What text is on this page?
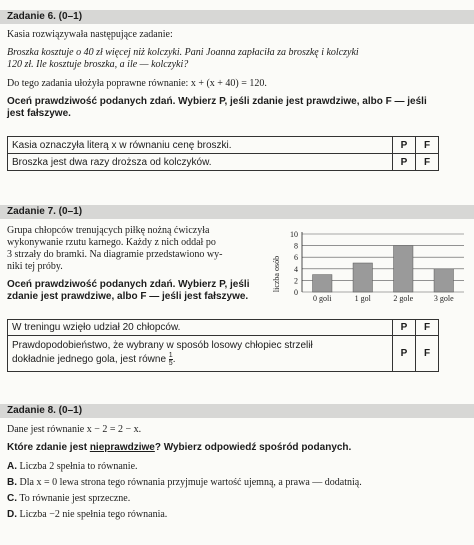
Zadanie 6. (0–1)
Kasia rozwiązywała następujące zadanie:
Broszka kosztuje o 40 zł więcej niż kolczyki. Pani Joanna zapłaciła za broszkę i kolczyki
120 zł. Ile kosztuje broszka, a ile — kolczyki?
Do tego zadania ułożyła poprawne równanie: x + (x + 40) = 120.
Oceń prawdziwość podanych zdań. Wybierz P, jeśli zdanie jest prawdziwe, albo F — jeśli
jest fałszywe.
Kasia oznaczyła literą x w równaniu cenę broszki.	P	F
Broszka jest dwa razy droższa od kolczyków.	P	F
Zadanie 7. (0–1)
Grupa chłopców trenujących piłkę nożną ćwiczyła
wykonywanie rzutu karnego. Każdy z nich oddał po
3 strzały do bramki. Na diagramie przedstawiono wy-
niki tej próby.
Oceń prawdziwość podanych zdań. Wybierz P, jeśli
zdanie jest prawdziwe, albo F — jeśli jest fałszywe.
liczba osób
0
2
4
6
8
10
0 goli	1 gol	2 gole	3 gole
W treningu wzięło udział 20 chłopców.	P	F
Prawdopodobieństwo, że wybrany w sposób losowy chłopiec strzelił
dokładnie jednego gola, jest równe $\frac{1}{5}$ .	P	F
Zadanie 8. (0–1)
Dane jest równanie x − 2 = 2 − x.
Które zdanie jest nieprawdziwe? Wybierz odpowiedź spośród podanych.
A. Liczba 2 spełnia to równanie.
B. Dla x = 0 lewa strona tego równania przyjmuje wartość ujemną, a prawa — dodatnią.
C. To równanie jest sprzeczne.
D. Liczba −2 nie spełnia tego równania.
